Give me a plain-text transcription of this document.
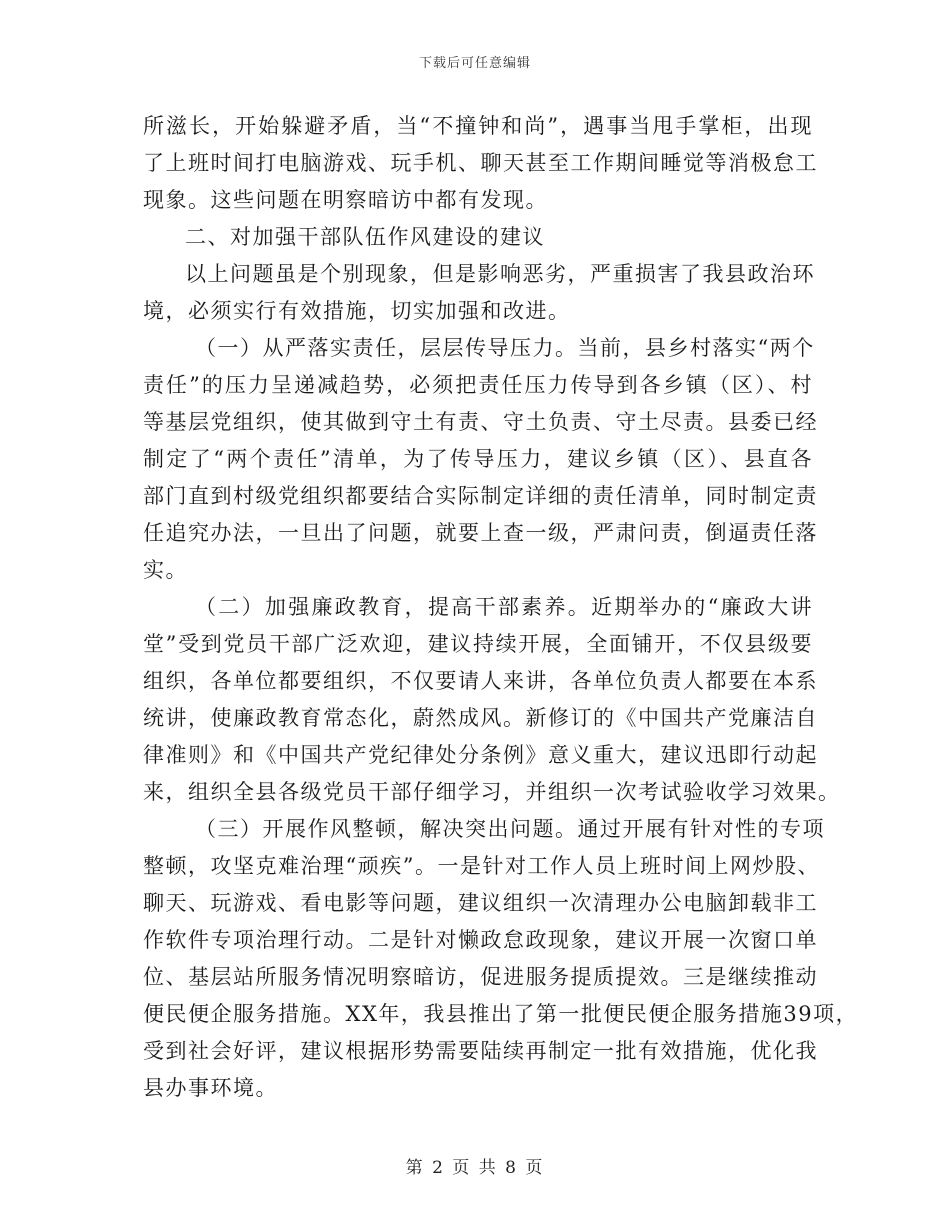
下载后可任意编辑
所滋长，开始躲避矛盾，当“不撞钟和尚”，遇事当甩手掌柜，出现
了上班时间打电脑游戏、玩手机、聊天甚至工作期间睡觉等消极怠工
现象。这些问题在明察暗访中都有发现。
二、对加强干部队伍作风建设的建议
以上问题虽是个别现象，但是影响恶劣，严重损害了我县政治环
境，必须实行有效措施，切实加强和改进。
（一）从严落实责任，层层传导压力。当前，县乡村落实“两个
责任”的压力呈递减趋势，必须把责任压力传导到各乡镇（区）、村
等基层党组织，使其做到守土有责、守土负责、守土尽责。县委已经
制定了“两个责任”清单，为了传导压力，建议乡镇（区）、县直各
部门直到村级党组织都要结合实际制定详细的责任清单，同时制定责
任追究办法，一旦出了问题，就要上查一级，严肃问责，倒逼责任落
实。
（二）加强廉政教育，提高干部素养。近期举办的“廉政大讲
堂”受到党员干部广泛欢迎，建议持续开展，全面铺开，不仅县级要
组织，各单位都要组织，不仅要请人来讲，各单位负责人都要在本系
统讲，使廉政教育常态化，蔚然成风。新修订的《中国共产党廉洁自
律准则》和《中国共产党纪律处分条例》意义重大，建议迅即行动起
来，组织全县各级党员干部仔细学习，并组织一次考试验收学习效果。
（三）开展作风整顿，解决突出问题。通过开展有针对性的专项
整顿，攻坚克难治理“顽疾”。一是针对工作人员上班时间上网炒股、
聊天、玩游戏、看电影等问题，建议组织一次清理办公电脑卸载非工
作软件专项治理行动。二是针对懒政怠政现象，建议开展一次窗口单
位、基层站所服务情况明察暗访，促进服务提质提效。三是继续推动
便民便企服务措施。XX年，我县推出了第一批便民便企服务措施39项，
受到社会好评，建议根据形势需要陆续再制定一批有效措施，优化我
县办事环境。
第 2 页 共 8 页
